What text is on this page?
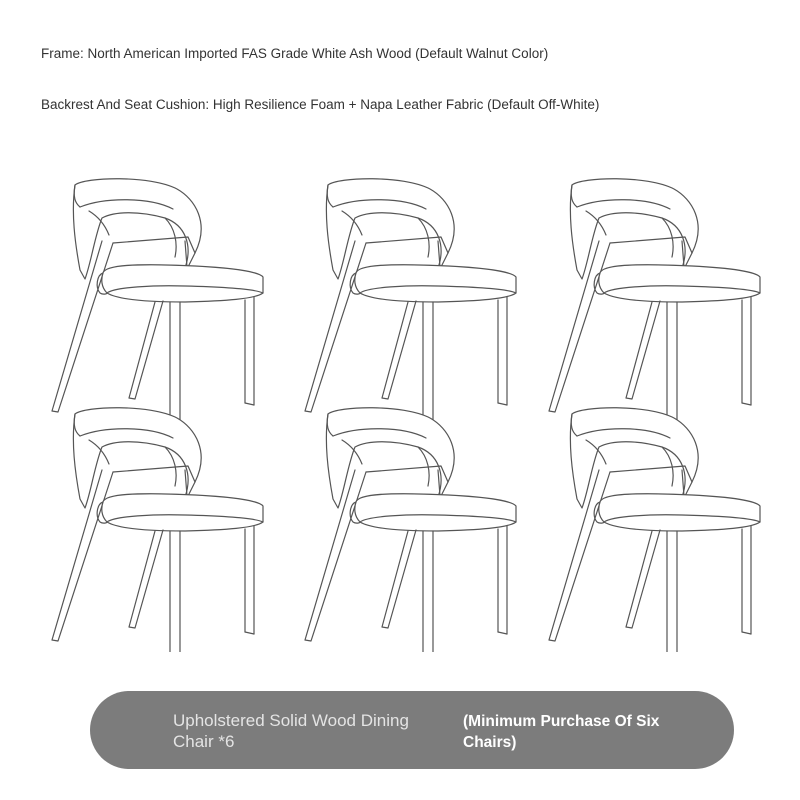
Frame: North American Imported FAS Grade White Ash Wood (Default Walnut Color)
Backrest And Seat Cushion: High Resilience Foam + Napa Leather Fabric (Default Off-White)
Upholstered Solid Wood Dining Chair *6
(Minimum Purchase Of Six Chairs)
